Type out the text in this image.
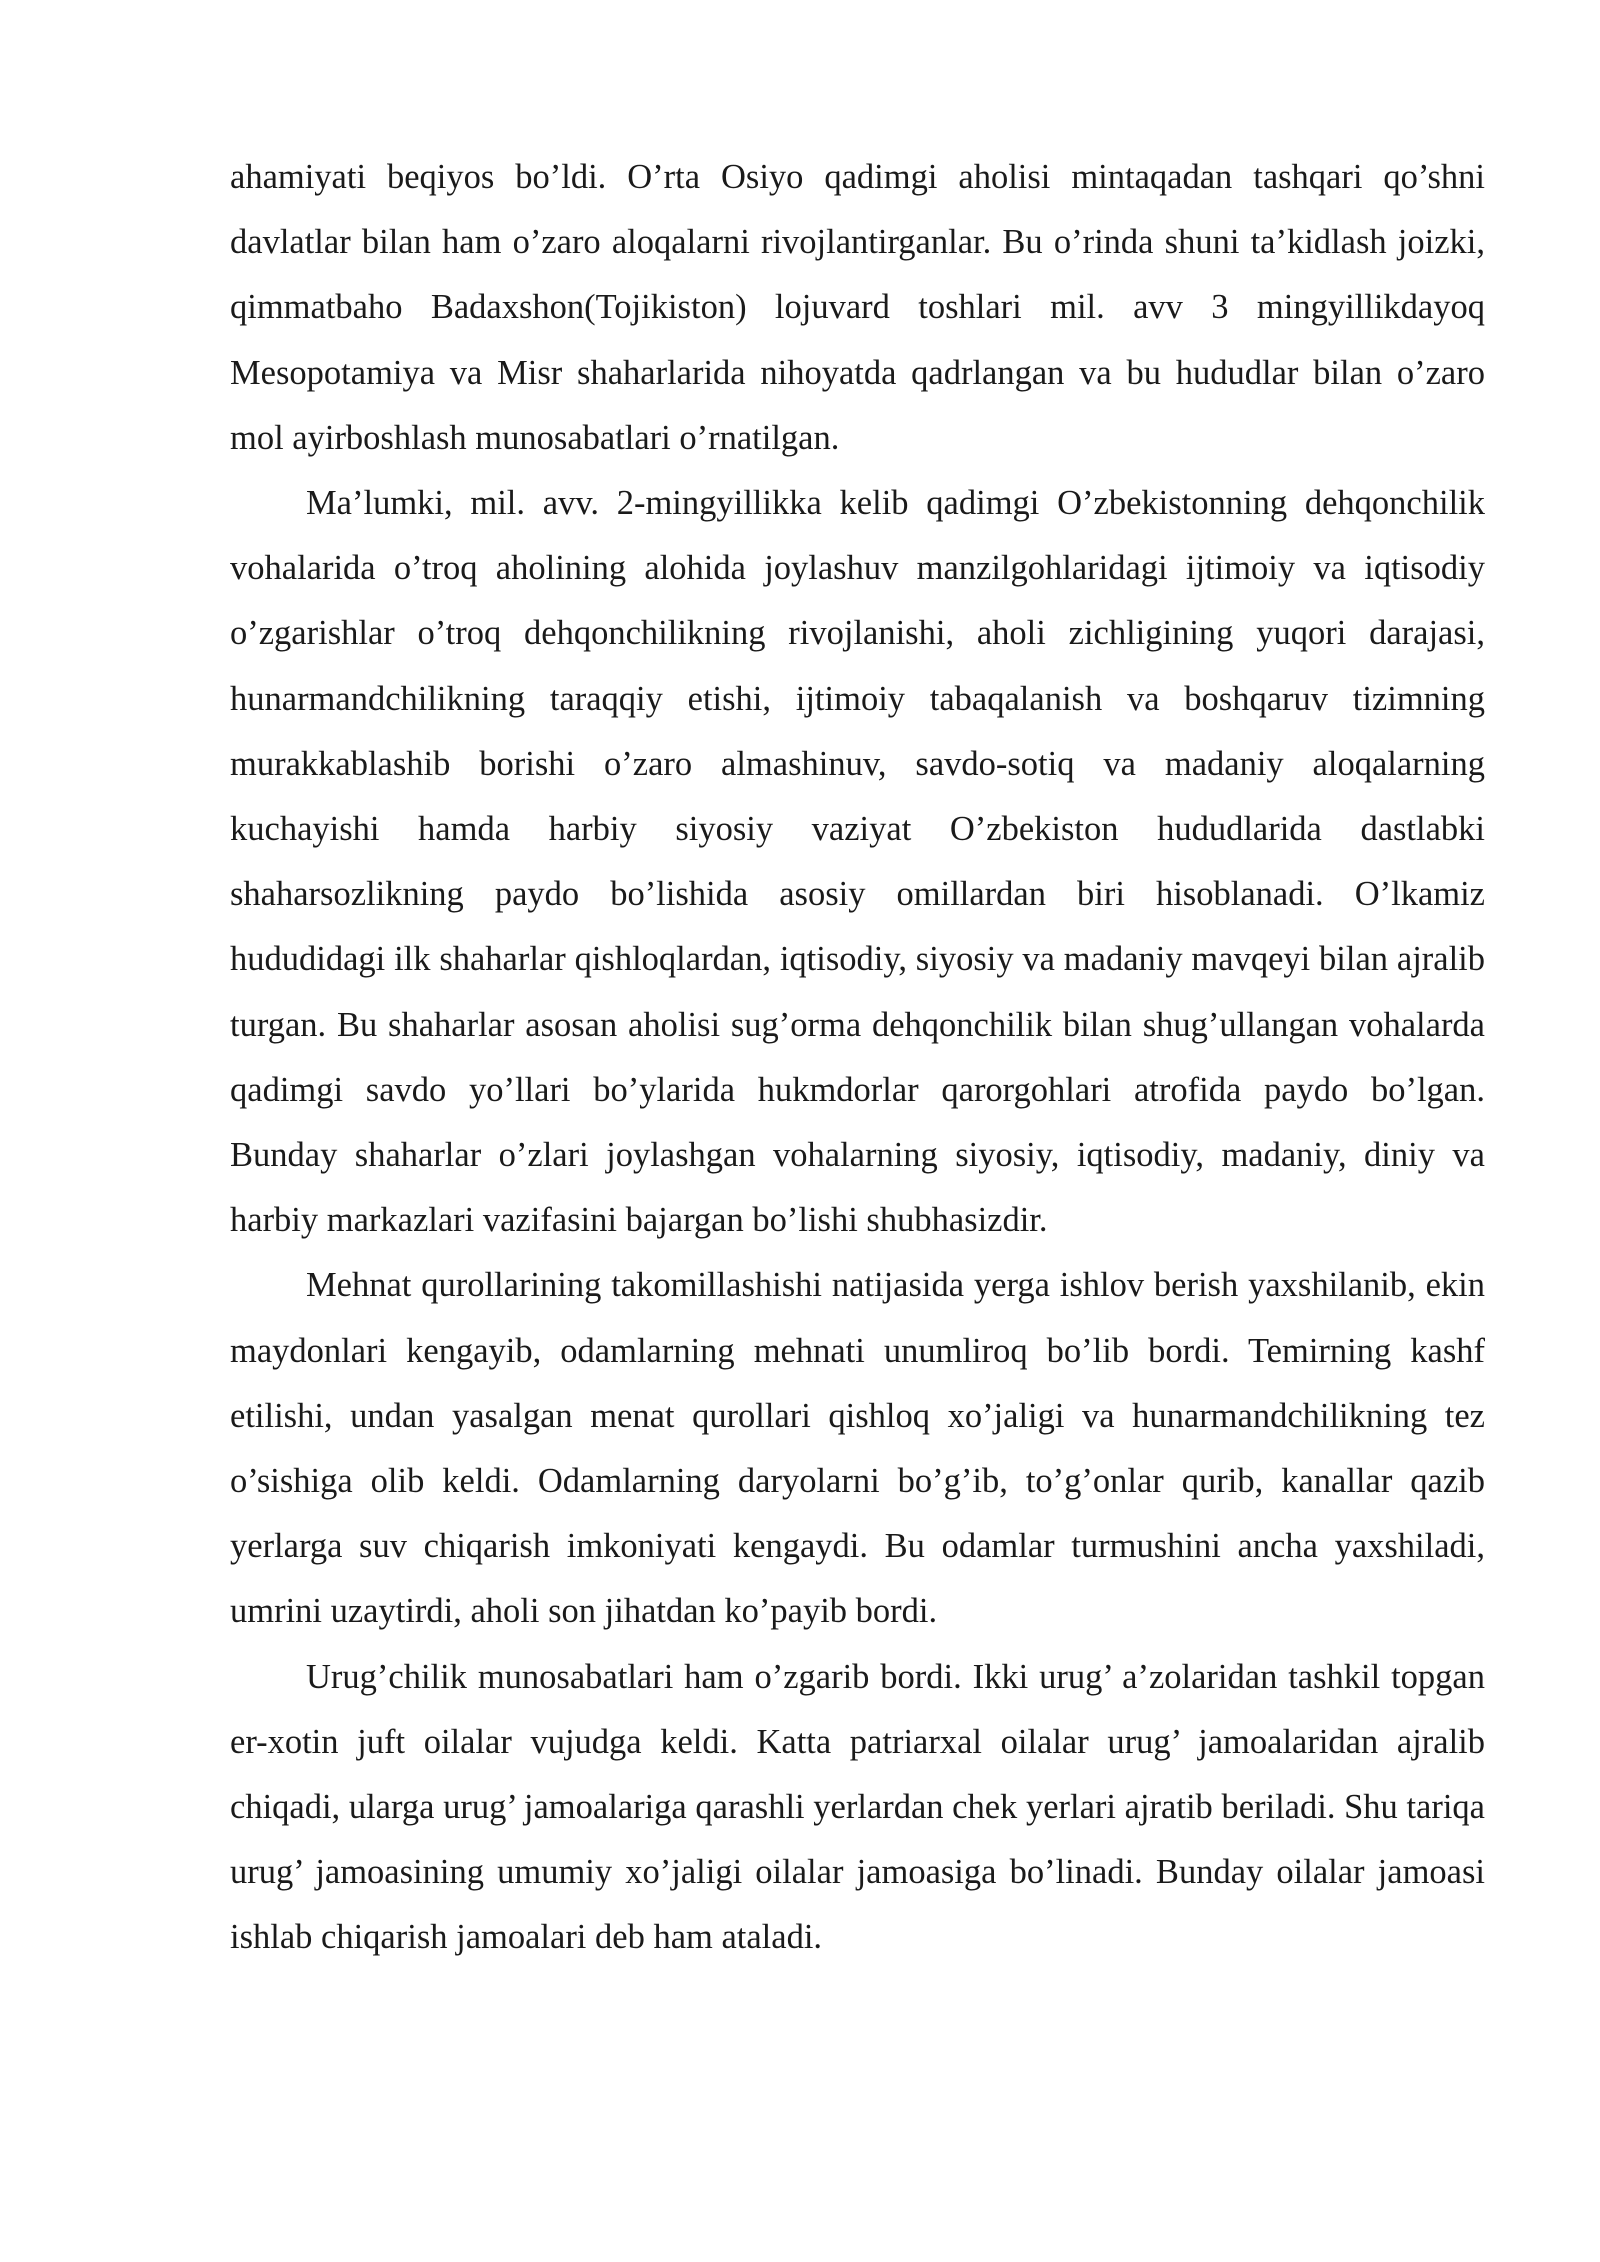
ahamiyati beqiyos bo’ldi. O’rta Osiyo qadimgi aholisi mintaqadan tashqari qo’shni davlatlar bilan ham o’zaro aloqalarni rivojlantirganlar. Bu o’rinda shuni ta’kidlash joizki, qimmatbaho Badaxshon(Tojikiston) lojuvard toshlari mil. avv 3 mingyillikdayoq Mesopotamiya va Misr shaharlarida nihoyatda qadrlangan va bu hududlar bilan o’zaro mol ayirboshlash munosabatlari o’rnatilgan.

Ma’lumki, mil. avv. 2-mingyillikka kelib qadimgi O’zbekistonning dehqonchilik vohalarida o’troq aholining alohida joylashuv manzilgohlaridagi ijtimoiy va iqtisodiy o’zgarishlar o’troq dehqonchilikning rivojlanishi, aholi zichligining yuqori darajasi, hunarmandchilikning taraqqiy etishi, ijtimoiy tabaqalanish va boshqaruv tizimning murakkablashib borishi o’zaro almashinuv, savdo-sotiq va madaniy aloqalarning kuchayishi hamda harbiy siyosiy vaziyat O’zbekiston hududlarida dastlabki shaharsozlikning paydo bo’lishida asosiy omillardan biri hisoblanadi. O’lkamiz hududidagi ilk shaharlar qishloqlardan, iqtisodiy, siyosiy va madaniy mavqeyi bilan ajralib turgan. Bu shaharlar asosan aholisi sug’orma dehqonchilik bilan shug’ullangan vohalarda qadimgi savdo yo’llari bo’ylarida hukmdorlar qarorgohlari atrofida paydo bo’lgan. Bunday shaharlar o’zlari joylashgan vohalarning siyosiy, iqtisodiy, madaniy, diniy va harbiy markazlari vazifasini bajargan bo’lishi shubhasizdir.

Mehnat qurollarining takomillashishi natijasida yerga ishlov berish yaxshilanib, ekin maydonlari kengayib, odamlarning mehnati unumliroq bo’lib bordi. Temirning kashf etilishi, undan yasalgan menat qurollari qishloq xo’jaligi va hunarmandchilikning tez o’sishiga olib keldi. Odamlarning daryolarni bo’g’ib, to’g’onlar qurib, kanallar qazib yerlarga suv chiqarish imkoniyati kengaydi. Bu odamlar turmushini ancha yaxshiladi, umrini uzaytirdi, aholi son jihatdan ko’payib bordi.

Urug’chilik munosabatlari ham o’zgarib bordi. Ikki urug’ a’zolaridan tashkil topgan er-xotin juft oilalar vujudga keldi. Katta patriarxal oilalar urug’ jamoalaridan ajralib chiqadi, ularga urug’ jamoalariga qarashli yerlardan chek yerlari ajratib beriladi. Shu tariqa urug’ jamoasining umumiy xo’jaligi oilalar jamoasiga bo’linadi. Bunday oilalar jamoasi ishlab chiqarish jamoalari deb ham ataladi.
